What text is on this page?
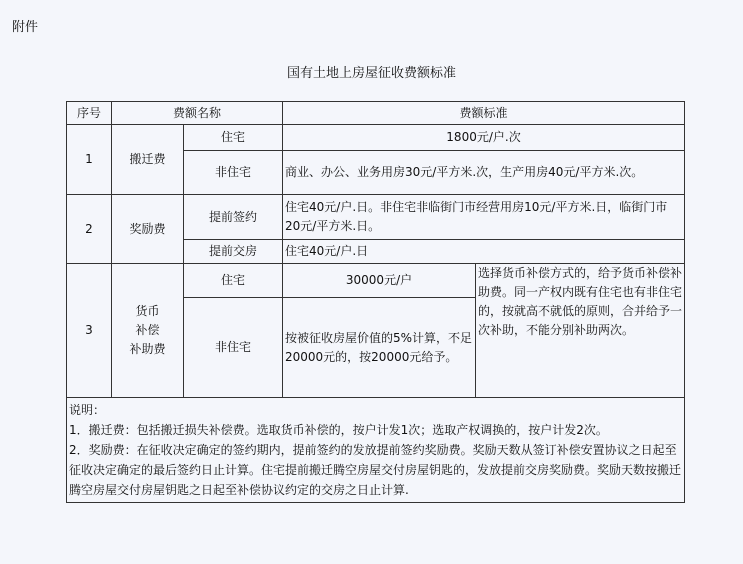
附件
国有土地上房屋征收费额标准
序号	费额名称		费额标准	
1	搬迁费	住宅	1800元/户.次	
		非住宅	商业、办公、业务用房30元/平方米.次，生产用房40元/平方米.次。	
2	奖励费	提前签约	住宅40元/户.日。非住宅非临街门市经营用房10元/平方米.日，临街门市20元/平方米.日。	
		提前交房	住宅40元/户.日	
3	货币
补偿
补助费	住宅	30000元/户	选择货币补偿方式的，给予货币补偿补助费。同一产权内既有住宅也有非住宅的，按就高不就低的原则，合并给予一次补助，不能分别补助两次。
		非住宅	按被征收房屋价值的5%计算，不足20000元的，按20000元给予。	

说明：
1．搬迁费：包括搬迁损失补偿费。选取货币补偿的，按户计发1次；选取产权调换的，按户计发2次。
2．奖励费：在征收决定确定的签约期内，提前签约的发放提前签约奖励费。奖励天数从签订补偿安置协议之日起至征收决定确定的最后签约日止计算。住宅提前搬迁腾空房屋交付房屋钥匙的，发放提前交房奖励费。奖励天数按搬迁腾空房屋交付房屋钥匙之日起至补偿协议约定的交房之日止计算.				
